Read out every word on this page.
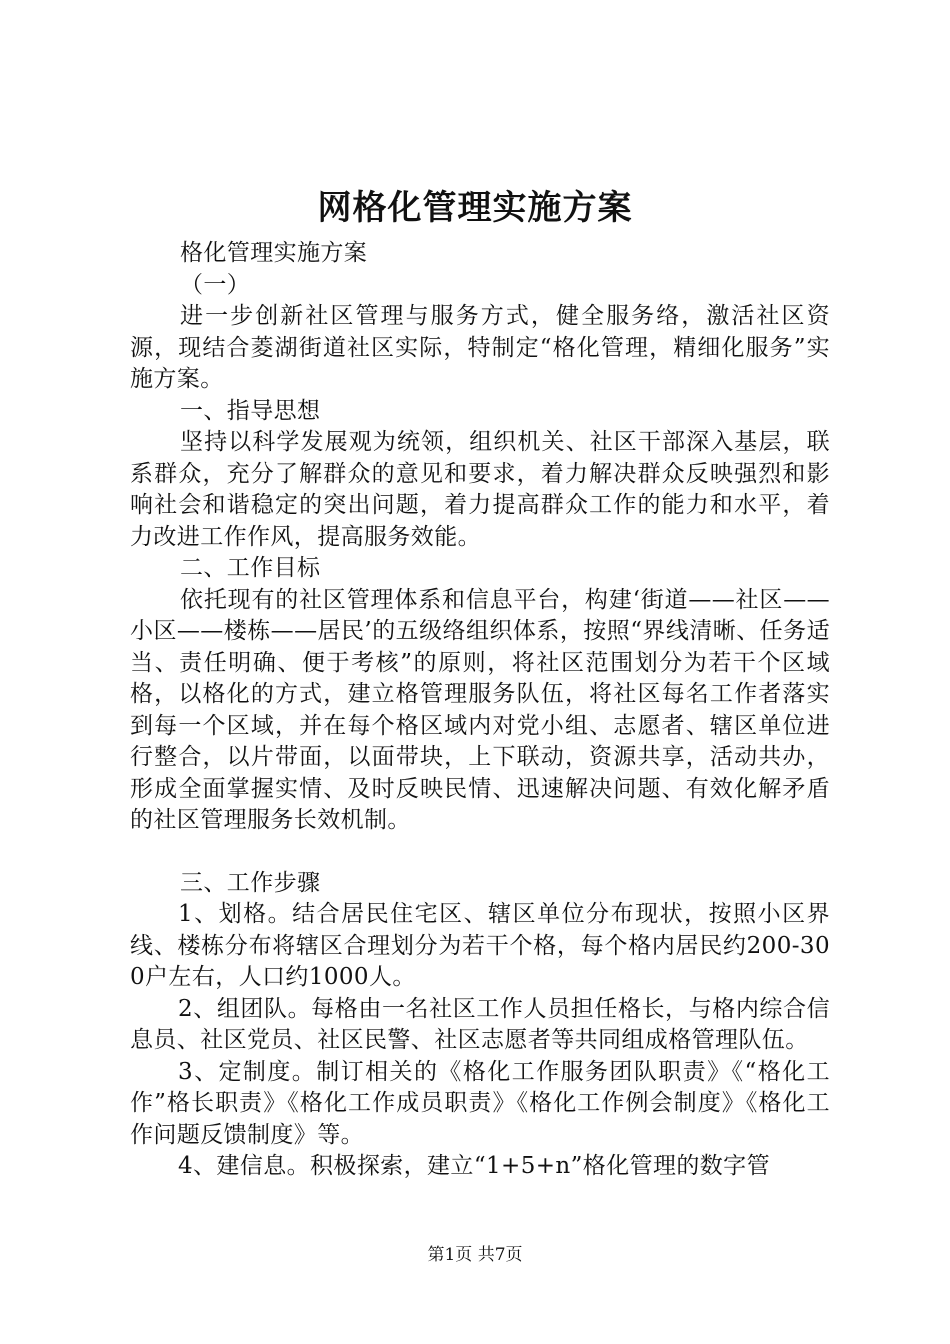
网格化管理实施方案

格化管理实施方案

（一）

进一步创新社区管理与服务方式，健全服务络，激活社区资源，现结合菱湖街道社区实际，特制定“格化管理，精细化服务”实施方案。

一、指导思想

坚持以科学发展观为统领，组织机关、社区干部深入基层，联系群众，充分了解群众的意见和要求，着力解决群众反映强烈和影响社会和谐稳定的突出问题，着力提高群众工作的能力和水平，着力改进工作作风，提高服务效能。

二、工作目标

依托现有的社区管理体系和信息平台，构建‘街道——社区——小区——楼栋——居民’的五级络组织体系，按照“界线清晰、任务适当、责任明确、便于考核”的原则，将社区范围划分为若干个区域格，以格化的方式，建立格管理服务队伍，将社区每名工作者落实到每一个区域，并在每个格区域内对党小组、志愿者、辖区单位进行整合，以片带面，以面带块，上下联动，资源共享，活动共办，形成全面掌握实情、及时反映民情、迅速解决问题、有效化解矛盾的社区管理服务长效机制。

三、工作步骤

1、划格。结合居民住宅区、辖区单位分布现状，按照小区界线、楼栋分布将辖区合理划分为若干个格，每个格内居民约200-300户左右，人口约1000人。

2、组团队。每格由一名社区工作人员担任格长，与格内综合信息员、社区党员、社区民警、社区志愿者等共同组成格管理队伍。

3、定制度。制订相关的《格化工作服务团队职责》《“格化工作”格长职责》《格化工作成员职责》《格化工作例会制度》《格化工作问题反馈制度》等。

4、建信息。积极探索，建立“1+5+n”格化管理的数字管

第1页 共7页
